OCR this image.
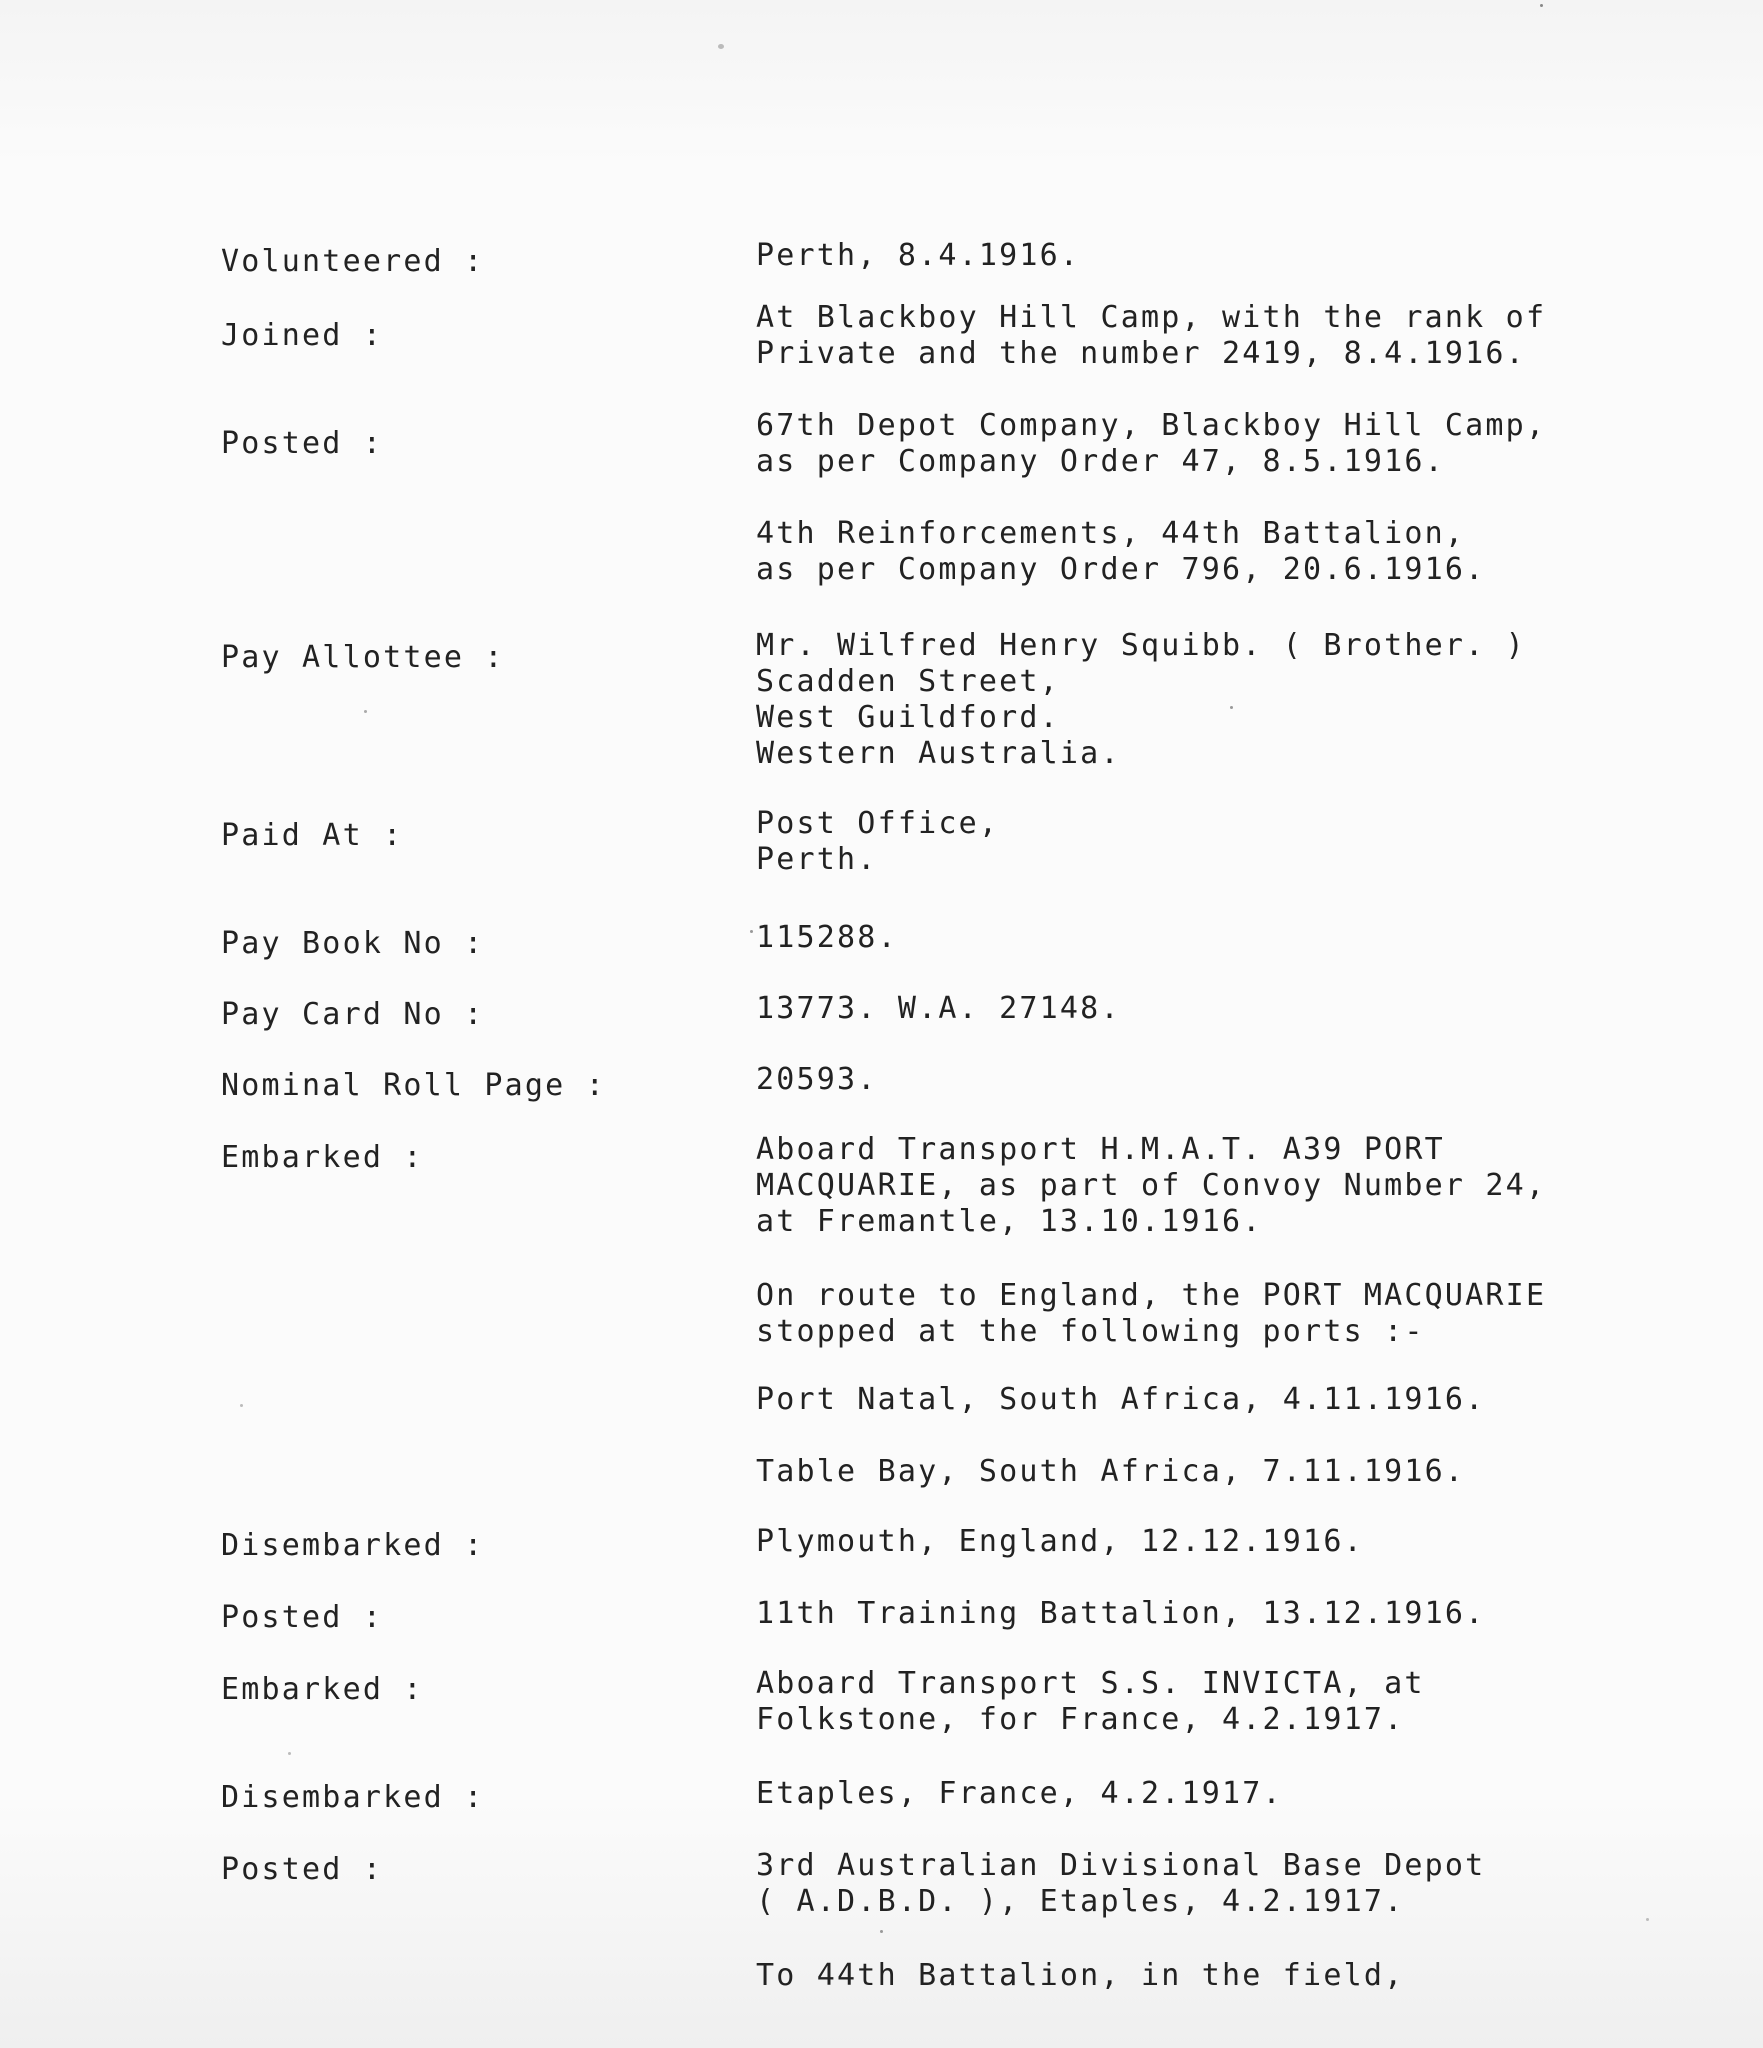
Volunteered :	Perth, 8.4.1916.
Joined :
At Blackboy Hill Camp, with the rank of
Private and the number 2419, 8.4.1916.
Posted :
67th Depot Company, Blackboy Hill Camp,
as per Company Order 47, 8.5.1916.
4th Reinforcements, 44th Battalion,
as per Company Order 796, 20.6.1916.
Pay Allottee :	Mr. Wilfred Henry Squibb. ( Brother. )
Scadden Street,
West Guildford.
Western Australia.
Paid At :	Post Office,
Perth.
Pay Book No :	115288.
Pay Card No :	13773. W.A. 27148.
Nominal Roll Page :	20593.
Embarked :	Aboard Transport H.M.A.T. A39 PORT
MACQUARIE, as part of Convoy Number 24,
at Fremantle, 13.10.1916.
On route to England, the PORT MACQUARIE
stopped at the following ports :-
Port Natal, South Africa, 4.11.1916.
Table Bay, South Africa, 7.11.1916.
Disembarked :	Plymouth, England, 12.12.1916.
Posted :	11th Training Battalion, 13.12.1916.
Embarked :	Aboard Transport S.S. INVICTA, at
Folkstone, for France, 4.2.1917.
Disembarked :	Etaples, France, 4.2.1917.
Posted :	3rd Australian Divisional Base Depot
( A.D.B.D. ), Etaples, 4.2.1917.
To 44th Battalion, in the field,
